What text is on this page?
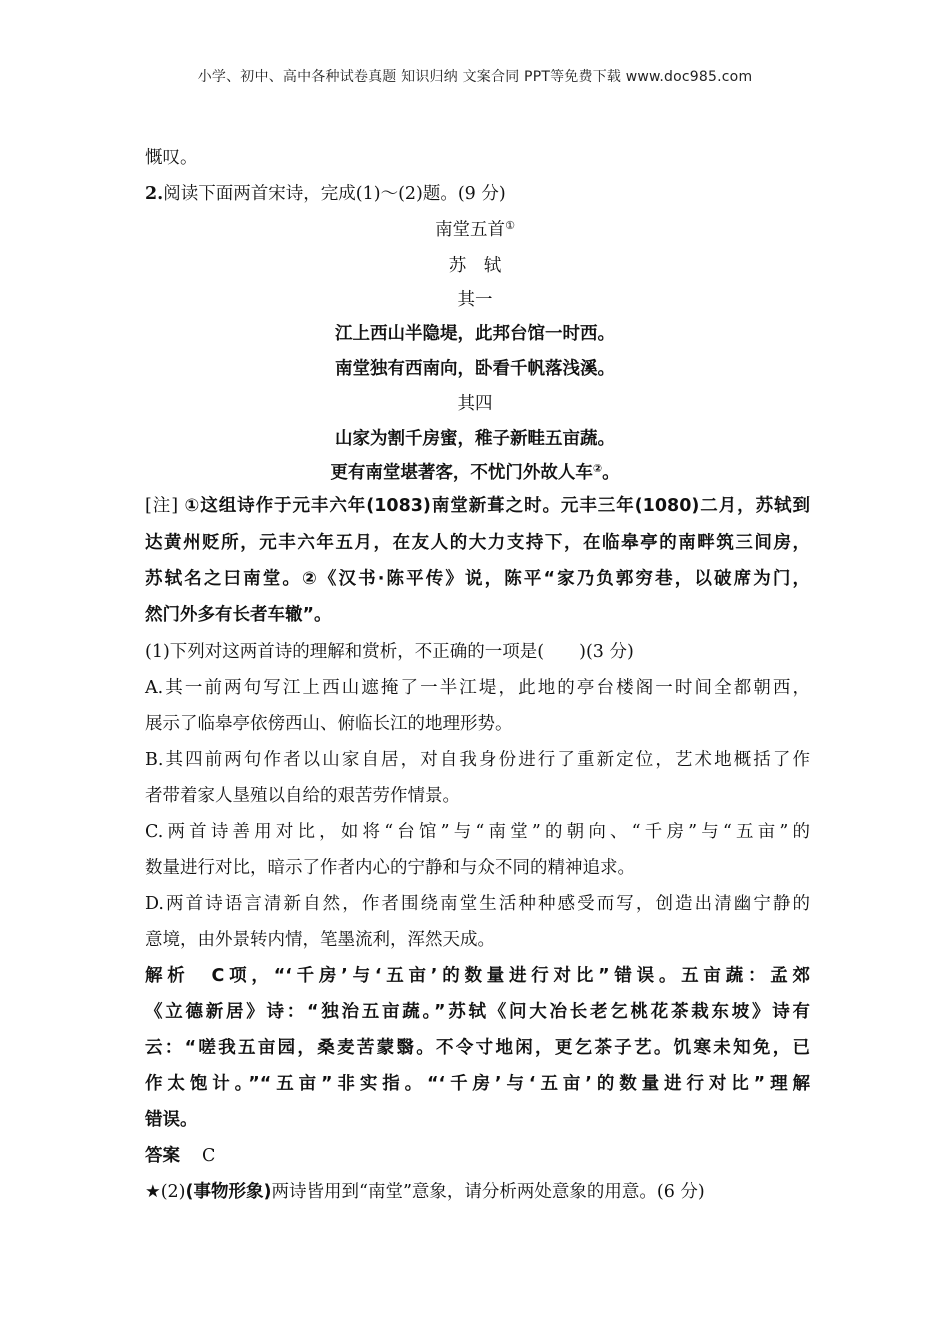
小学、初中、高中各种试卷真题 知识归纳 文案合同 PPT等免费下载 www.doc985.com
慨叹。
2.阅读下面两首宋诗，完成(1)～(2)题。(9 分)
南堂五首①
苏　轼
其一
江上西山半隐堤，此邦台馆一时西。
南堂独有西南向，卧看千帆落浅溪。
其四
山家为割千房蜜，稚子新畦五亩蔬。
更有南堂堪著客，不忧门外故人车②。
[注] ①这组诗作于元丰六年(1083)南堂新葺之时。元丰三年(1080)二月，苏轼到
达黄州贬所，元丰六年五月，在友人的大力支持下，在临皋亭的南畔筑三间房，
苏轼名之曰南堂。②《汉书·陈平传》说，陈平“家乃负郭穷巷，以破席为门，
然门外多有长者车辙”。
(1)下列对这两首诗的理解和赏析，不正确的一项是(　　)(3 分)
A.其一前两句写江上西山遮掩了一半江堤，此地的亭台楼阁一时间全都朝西，
展示了临皋亭依傍西山、俯临长江的地理形势。
B.其四前两句作者以山家自居，对自我身份进行了重新定位，艺术地概括了作
者带着家人垦殖以自给的艰苦劳作情景。
C.两首诗善用对比，如将“台馆”与“南堂”的朝向、“千房”与“五亩”的
数量进行对比，暗示了作者内心的宁静和与众不同的精神追求。
D.两首诗语言清新自然，作者围绕南堂生活种种感受而写，创造出清幽宁静的
意境，由外景转内情，笔墨流利，浑然天成。
解析 C项，“‘千房’与‘五亩’的数量进行对比”错误。五亩蔬：孟郊
《立德新居》诗：“独治五亩蔬。”苏轼《问大冶长老乞桃花茶栽东坡》诗有
云：“嗟我五亩园，桑麦苦蒙翳。不令寸地闲，更乞茶子艺。饥寒未知免，已
作太饱计。”“五亩”非实指。“‘千房’与‘五亩’的数量进行对比”理解
错误。
答案 C
★(2)(事物形象)两诗皆用到“南堂”意象，请分析两处意象的用意。(6 分)
